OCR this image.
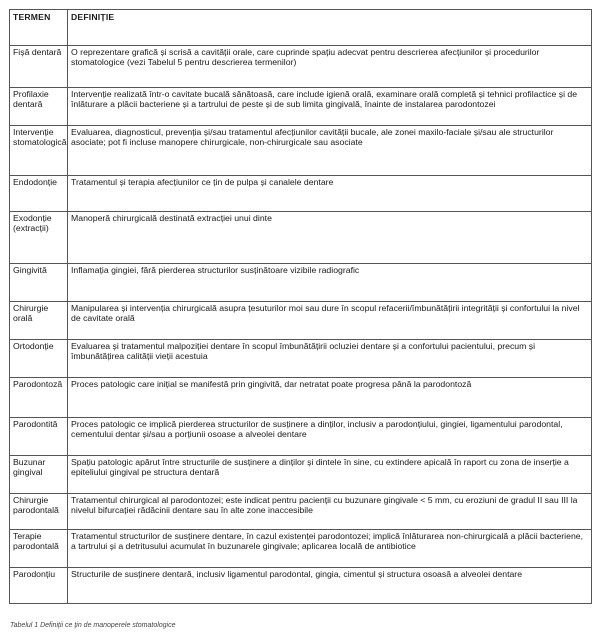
TERMEN	DEFINIȚIE
Fișă dentară	O reprezentare grafică și scrisă a cavității orale, care cuprinde spațiu adecvat pentru descrierea afecțiunilor și procedurilor stomatologice (vezi Tabelul 5 pentru descrierea termenilor)
Profilaxie dentară	Intervenție realizată într-o cavitate bucală sănătoasă, care include igienă orală, examinare orală completă și tehnici profilactice și de înlăturare a plăcii bacteriene și a tartrului de peste și de sub limita gingivală, înainte de instalarea parodontozei
Intervenție stomatologică	Evaluarea, diagnosticul, prevenția și/sau tratamentul afecțiunilor cavității bucale, ale zonei maxilo-faciale și/sau ale structurilor asociate; pot fi incluse manopere chirurgicale, non-chirurgicale sau asociate
Endodonție	Tratamentul și terapia afecțiunilor ce țin de pulpa și canalele dentare
Exodonție (extracții)	Manoperă chirurgicală destinată extracției unui dinte
Gingivită	Inflamația gingiei, fără pierderea structurilor susținătoare vizibile radiografic
Chirurgie orală	Manipularea și intervenția chirurgicală asupra țesuturilor moi sau dure în scopul refacerii/îmbunătățirii integrității și confortului la nivel de cavitate orală
Ortodonție	Evaluarea și tratamentul malpoziției dentare în scopul îmbunătățirii ocluziei dentare și a confortului pacientului, precum și îmbunătățirea calității vieții acestuia
Parodontoză	Proces patologic care inițial se manifestă prin gingivită, dar netratat poate progresa până la parodontoză
Parodontită	Proces patologic ce implică pierderea structurilor de susținere a dinților, inclusiv a parodonțiului, gingiei, ligamentului parodontal, cementului dentar și/sau a porțiunii osoase a alveolei dentare
Buzunar gingival	Spațiu patologic apărut între structurile de susținere a dinților și dintele în sine, cu extindere apicală în raport cu zona de inserție a epiteliului gingival pe structura dentară
Chirurgie parodontală	Tratamentul chirurgical al parodontozei; este indicat pentru pacienții cu buzunare gingivale < 5 mm, cu eroziuni de gradul II sau III la nivelul bifurcației rădăcinii dentare sau în alte zone inaccesibile
Terapie parodontală	Tratamentul structurilor de susținere dentare, în cazul existenței parodontozei; implică înlăturarea non-chirurgicală a plăcii bacteriene, a tartrului și a detritusului acumulat în buzunarele gingivale; aplicarea locală de antibiotice
Parodonțiu	Structurile de susținere dentară, inclusiv ligamentul parodontal, gingia, cimentul și structura osoasă a alveolei dentare
Tabelul 1 Definiții ce țin de manoperele stomatologice
